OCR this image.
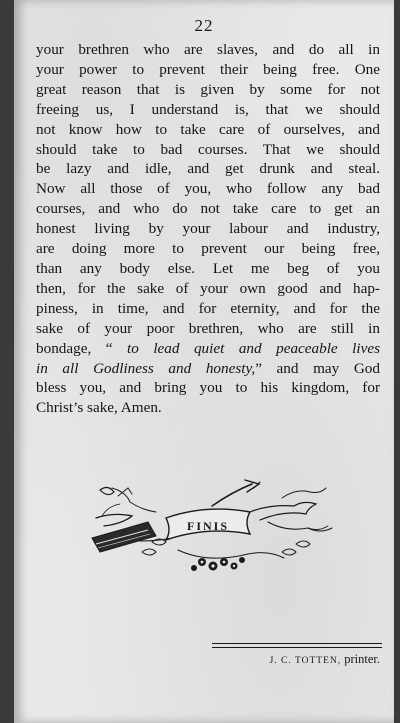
22
your brethren who are slaves, and do all in
your power to prevent their being free. One
great reason that is given by some for not
freeing us, I understand is, that we should
not know how to take care of ourselves, and
should take to bad courses. That we should
be lazy and idle, and get drunk and steal.
Now all those of you, who follow any bad
courses, and who do not take care to get an
honest living by your labour and industry,
are doing more to prevent our being free,
than any body else. Let me beg of you
then, for the sake of your own good and hap-
piness, in time, and for eternity, and for the
sake of your poor brethren, who are still in
bondage, “ to lead quiet and peaceable lives
in all Godliness and honesty,” and may God
bless you, and bring you to his kingdom, for
Christ’s sake, Amen.
FINIS
J. C. TOTTEN, printer.
